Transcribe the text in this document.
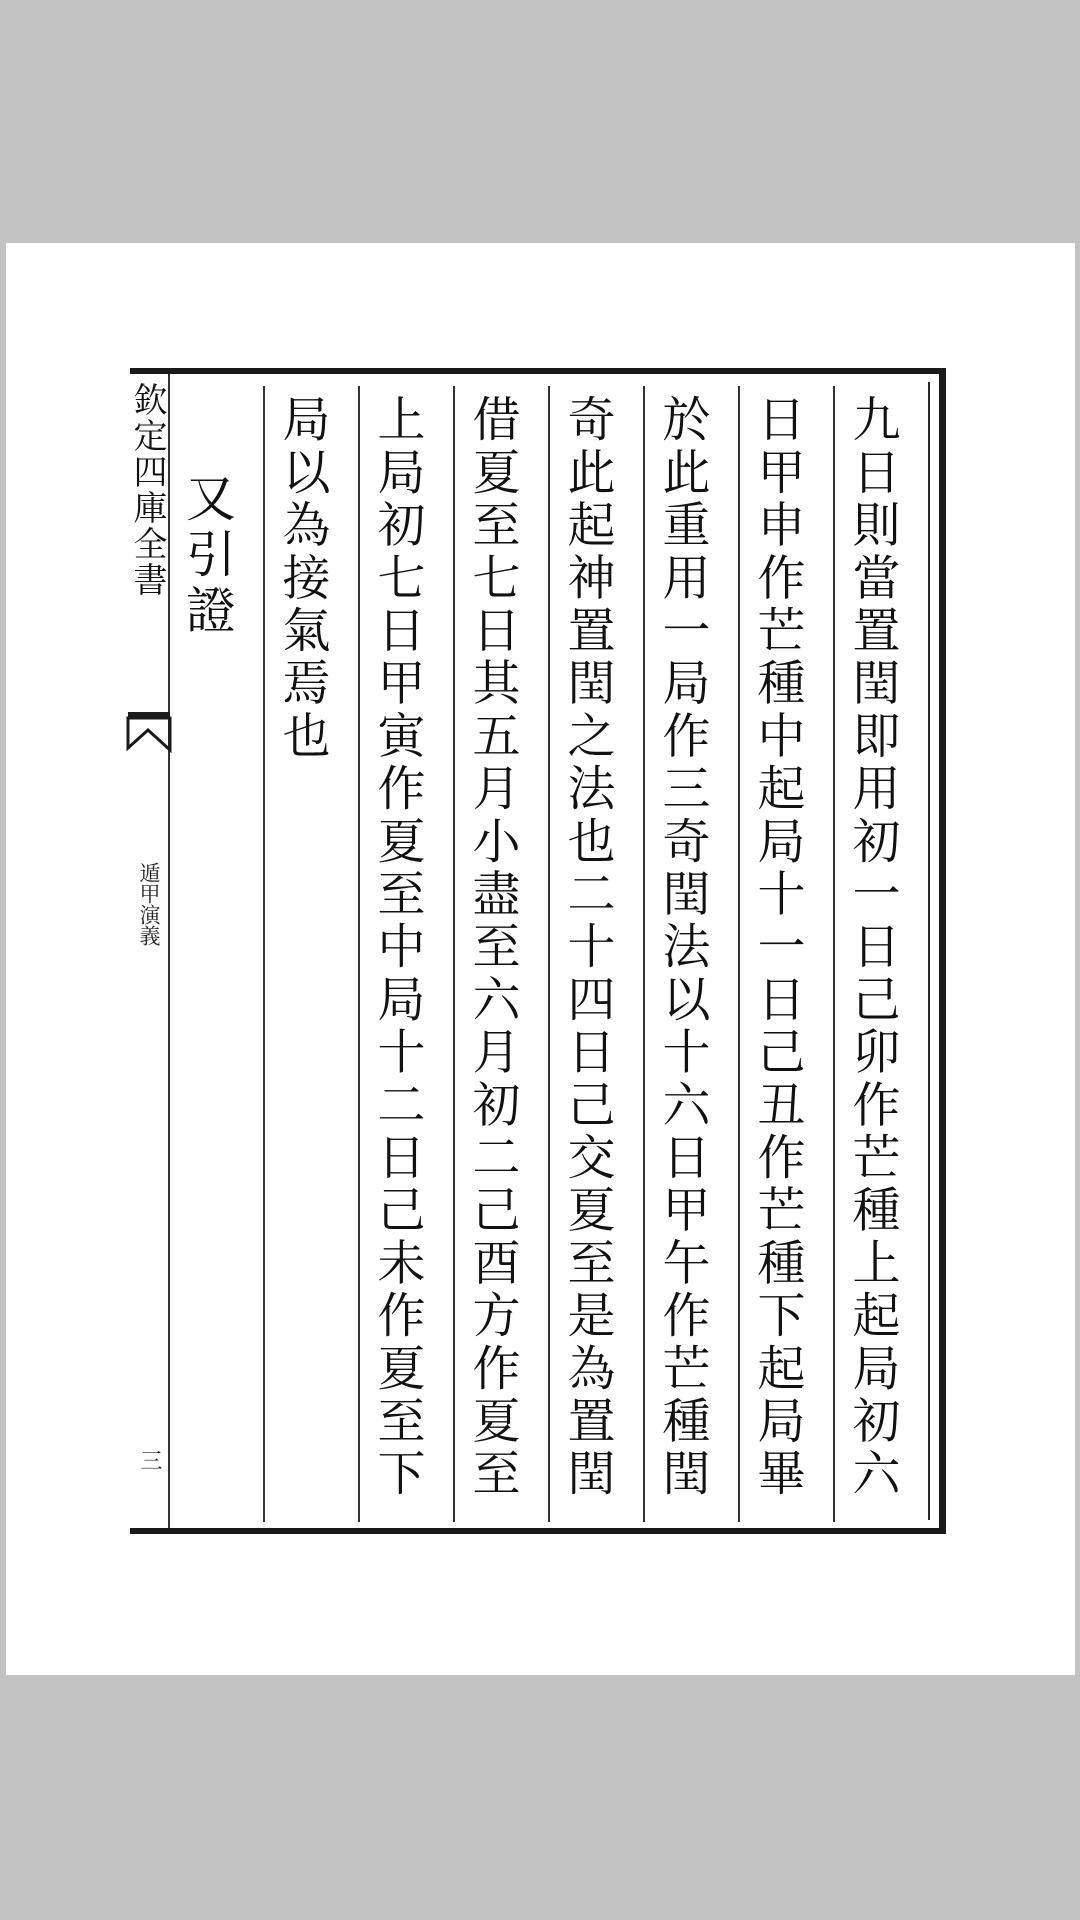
欽定四庫全書
遁甲演義
三	九日則當置閏即用初一日己卯作芒種上起局初六
日甲申作芒種中起局十一日己丑作芒種下起局畢
於此重用一局作三奇閏法以十六日甲午作芒種閏
奇此起神置閏之法也二十四日己交夏至是為置閏
借夏至七日其五月小盡至六月初二己酉方作夏至
上局初七日甲寅作夏至中局十二日己未作夏至下
局以為接氣焉也
又引證
